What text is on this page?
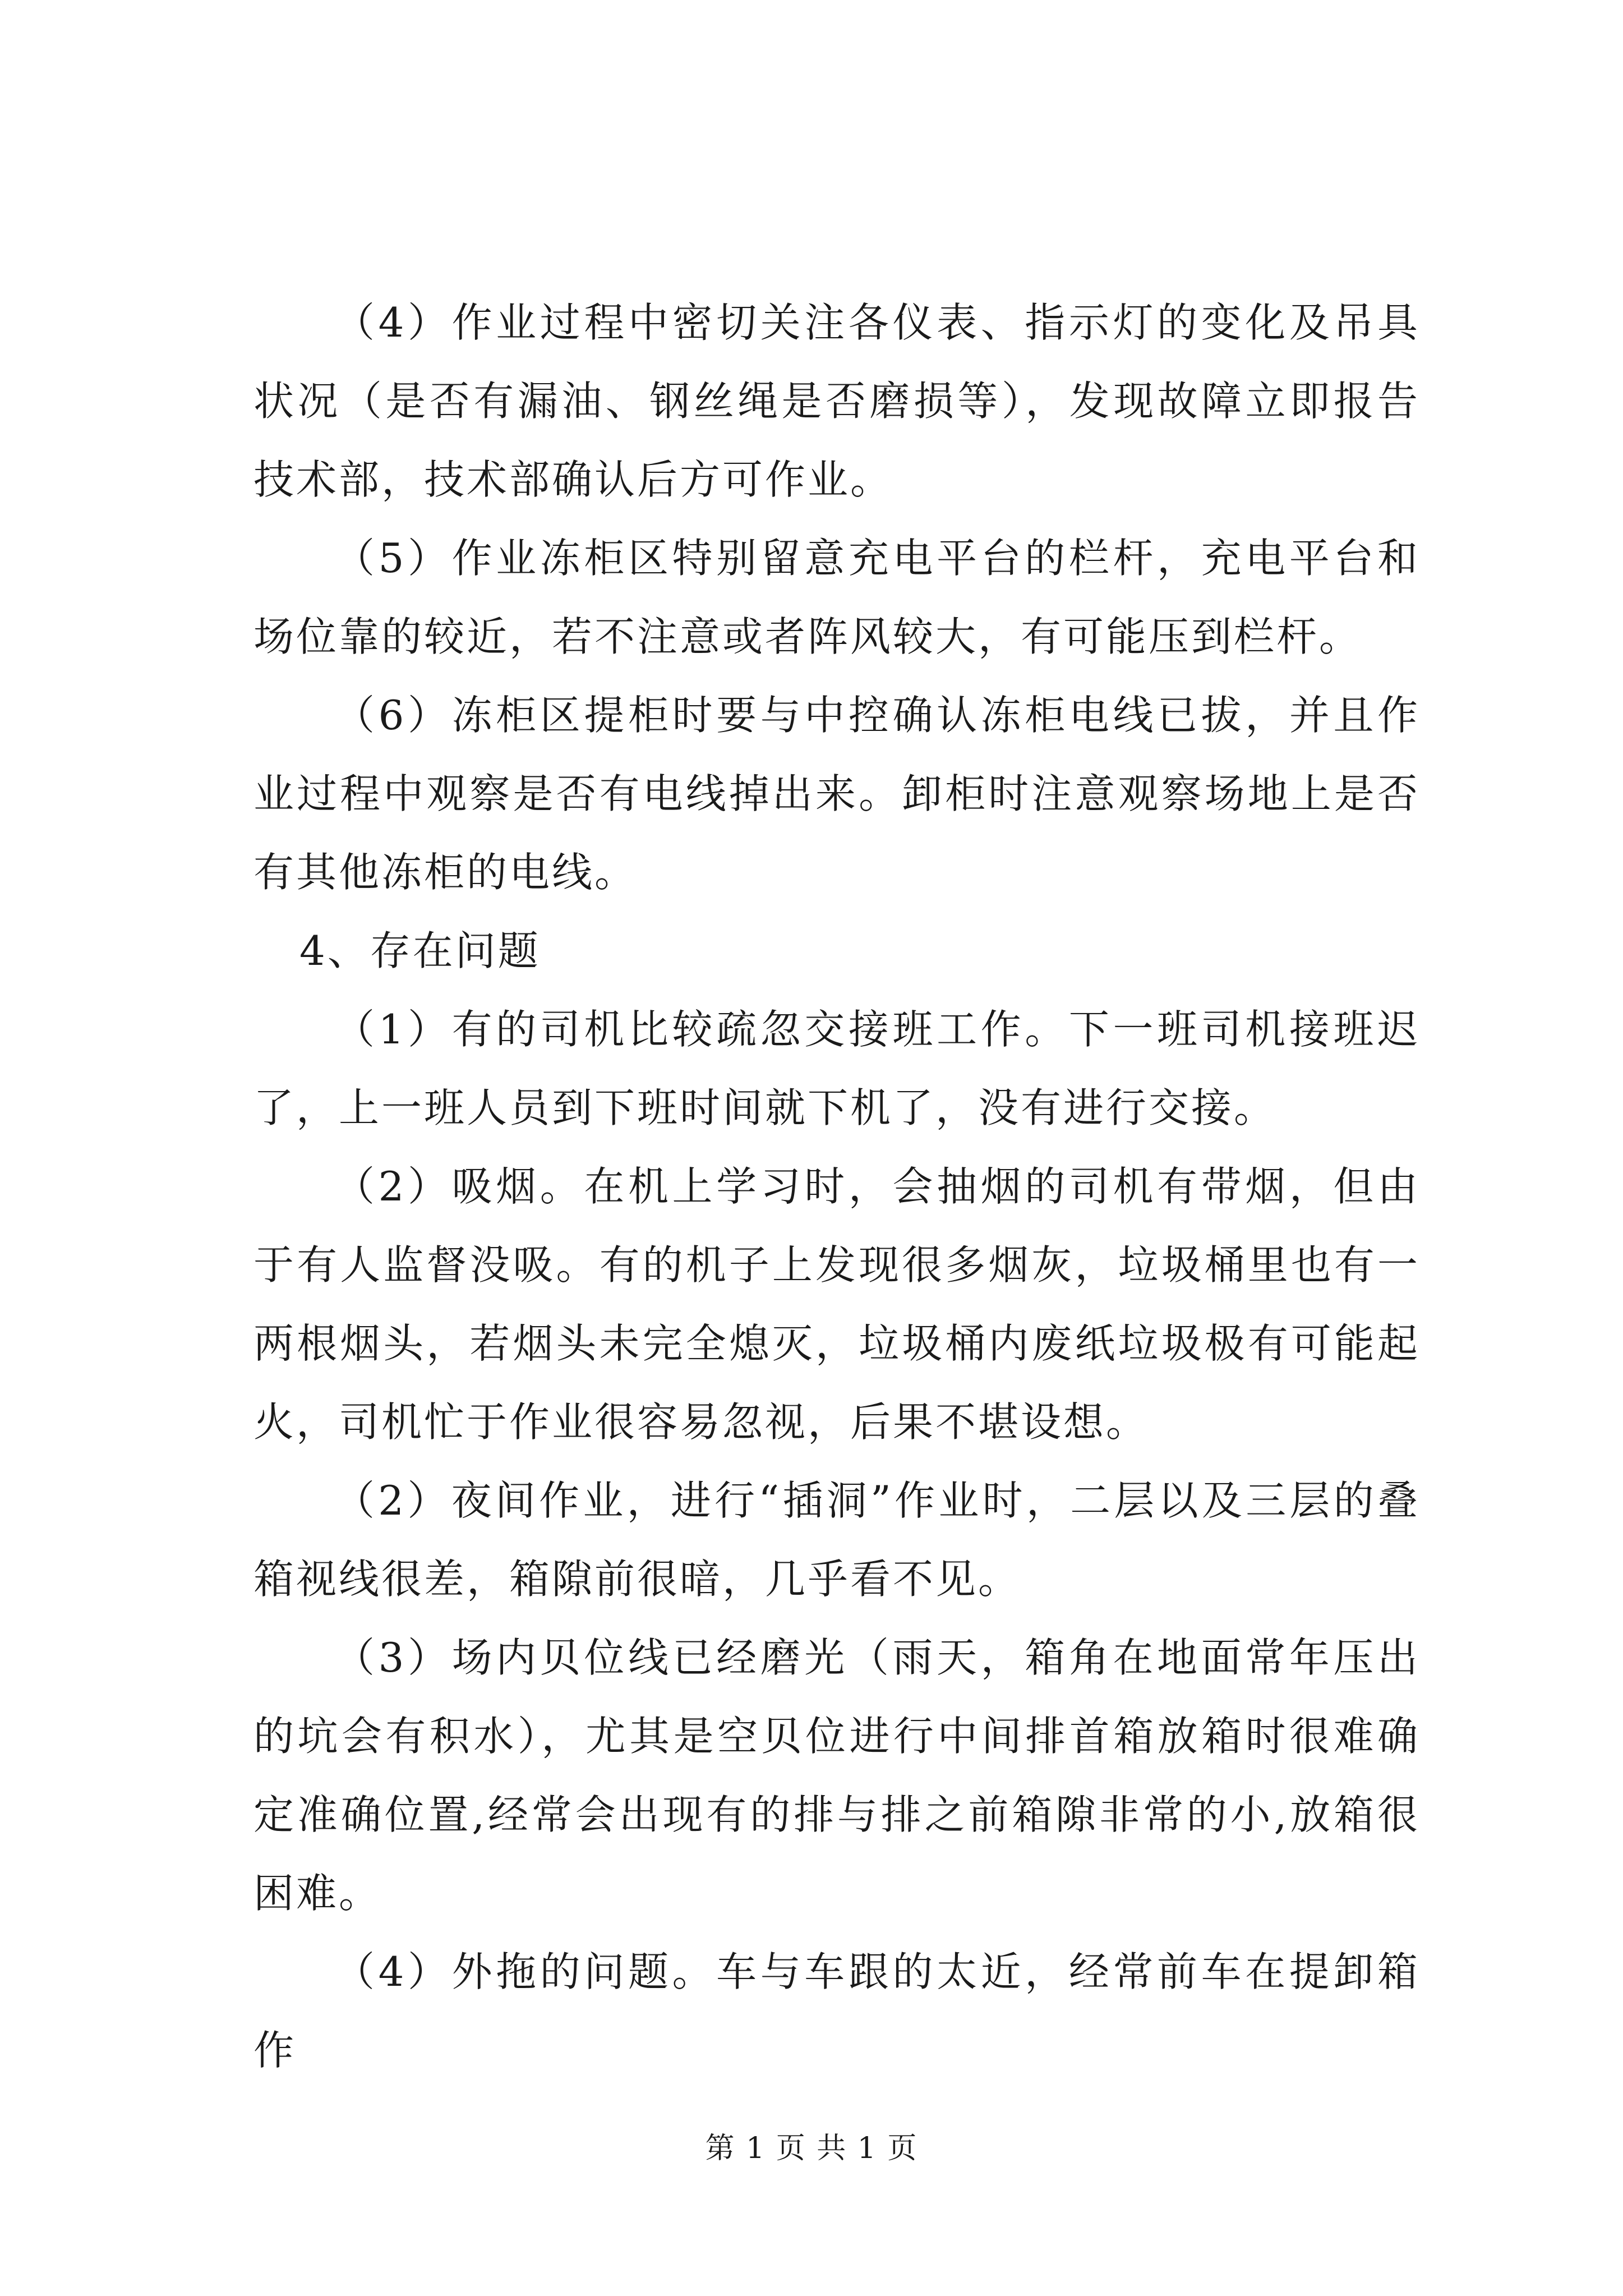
（4）作业过程中密切关注各仪表、指示灯的变化及吊具状况（是否有漏油、钢丝绳是否磨损等），发现故障立即报告技术部，技术部确认后方可作业。

（5）作业冻柜区特别留意充电平台的栏杆，充电平台和场位靠的较近，若不注意或者阵风较大，有可能压到栏杆。

（6）冻柜区提柜时要与中控确认冻柜电线已拔，并且作业过程中观察是否有电线掉出来。卸柜时注意观察场地上是否有其他冻柜的电线。

4、存在问题

（1）有的司机比较疏忽交接班工作。下一班司机接班迟了，上一班人员到下班时间就下机了，没有进行交接。

（2）吸烟。在机上学习时，会抽烟的司机有带烟，但由于有人监督没吸。有的机子上发现很多烟灰，垃圾桶里也有一两根烟头，若烟头未完全熄灭，垃圾桶内废纸垃圾极有可能起火，司机忙于作业很容易忽视，后果不堪设想。

（2）夜间作业，进行“插洞”作业时，二层以及三层的叠箱视线很差，箱隙前很暗，几乎看不见。

（3）场内贝位线已经磨光（雨天，箱角在地面常年压出的坑会有积水），尤其是空贝位进行中间排首箱放箱时很难确定准确位置,经常会出现有的排与排之前箱隙非常的小,放箱很困难。

（4）外拖的问题。车与车跟的太近，经常前车在提卸箱作

第 1 页 共 1 页
